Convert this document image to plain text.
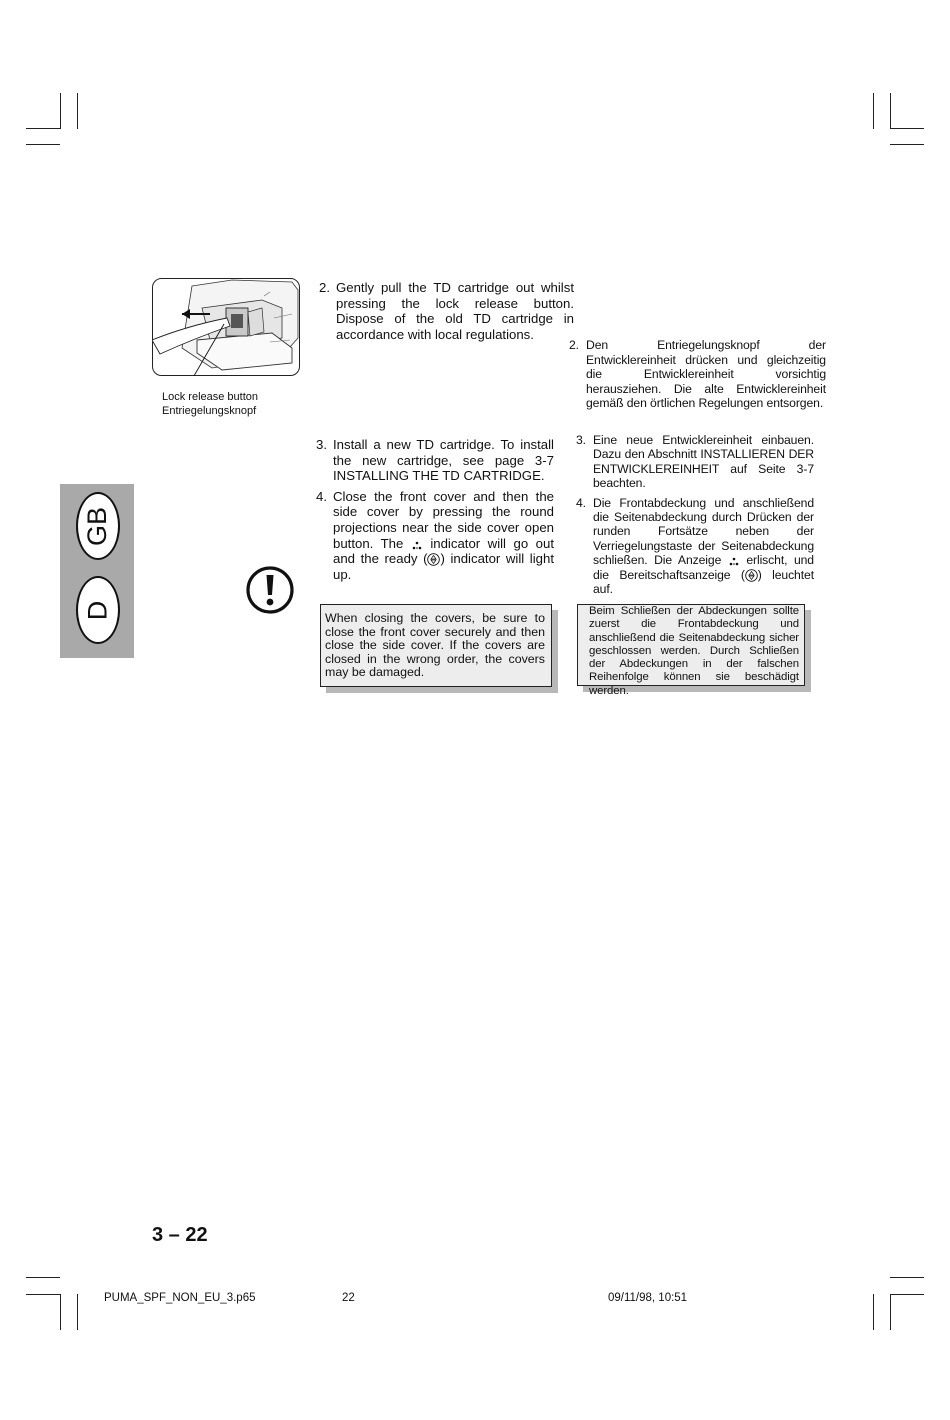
Lock release button
Entriegelungsknopf
2. Gently pull the TD cartridge out whilst pressing the lock release button. Dispose of the old TD cartridge in accordance with local regulations.
2. Den Entriegelungsknopf der Entwicklereinheit drücken und gleichzeitig die Entwicklereinheit vorsichtig herausziehen. Die alte Entwicklereinheit gemäß den örtlichen Regelungen entsorgen.
3. Install a new TD cartridge. To install the new cartridge, see page 3-7 INSTALLING THE TD CARTRIDGE.
4. Close the front cover and then the side cover by pressing the round projections near the side cover open button. The indicator will go out and the ready ( ) indicator will light up.
3. Eine neue Entwicklereinheit einbauen. Dazu den Abschnitt INSTALLIEREN DER ENTWICKLEREINHEIT auf Seite 3-7 beachten.
4. Die Frontabdeckung und anschließend die Seitenabdeckung durch Drücken der runden Fortsätze neben der Verriegelungstaste der Seitenabdeckung schließen. Die Anzeige erlischt, und die Bereitschaftsanzeige ( ) leuchtet auf.
GB
D	When closing the covers, be sure to close the front cover securely and then close the side cover. If the covers are closed in the wrong order, the covers may be damaged.
Beim Schließen der Abdeckungen sollte zuerst die Frontabdeckung und anschließend die Seitenabdeckung sicher geschlossen werden. Durch Schließen der Abdeckungen in der falschen Reihenfolge können sie beschädigt werden.
3 – 22
PUMA_SPF_NON_EU_3.p65	22	09/11/98, 10:51
